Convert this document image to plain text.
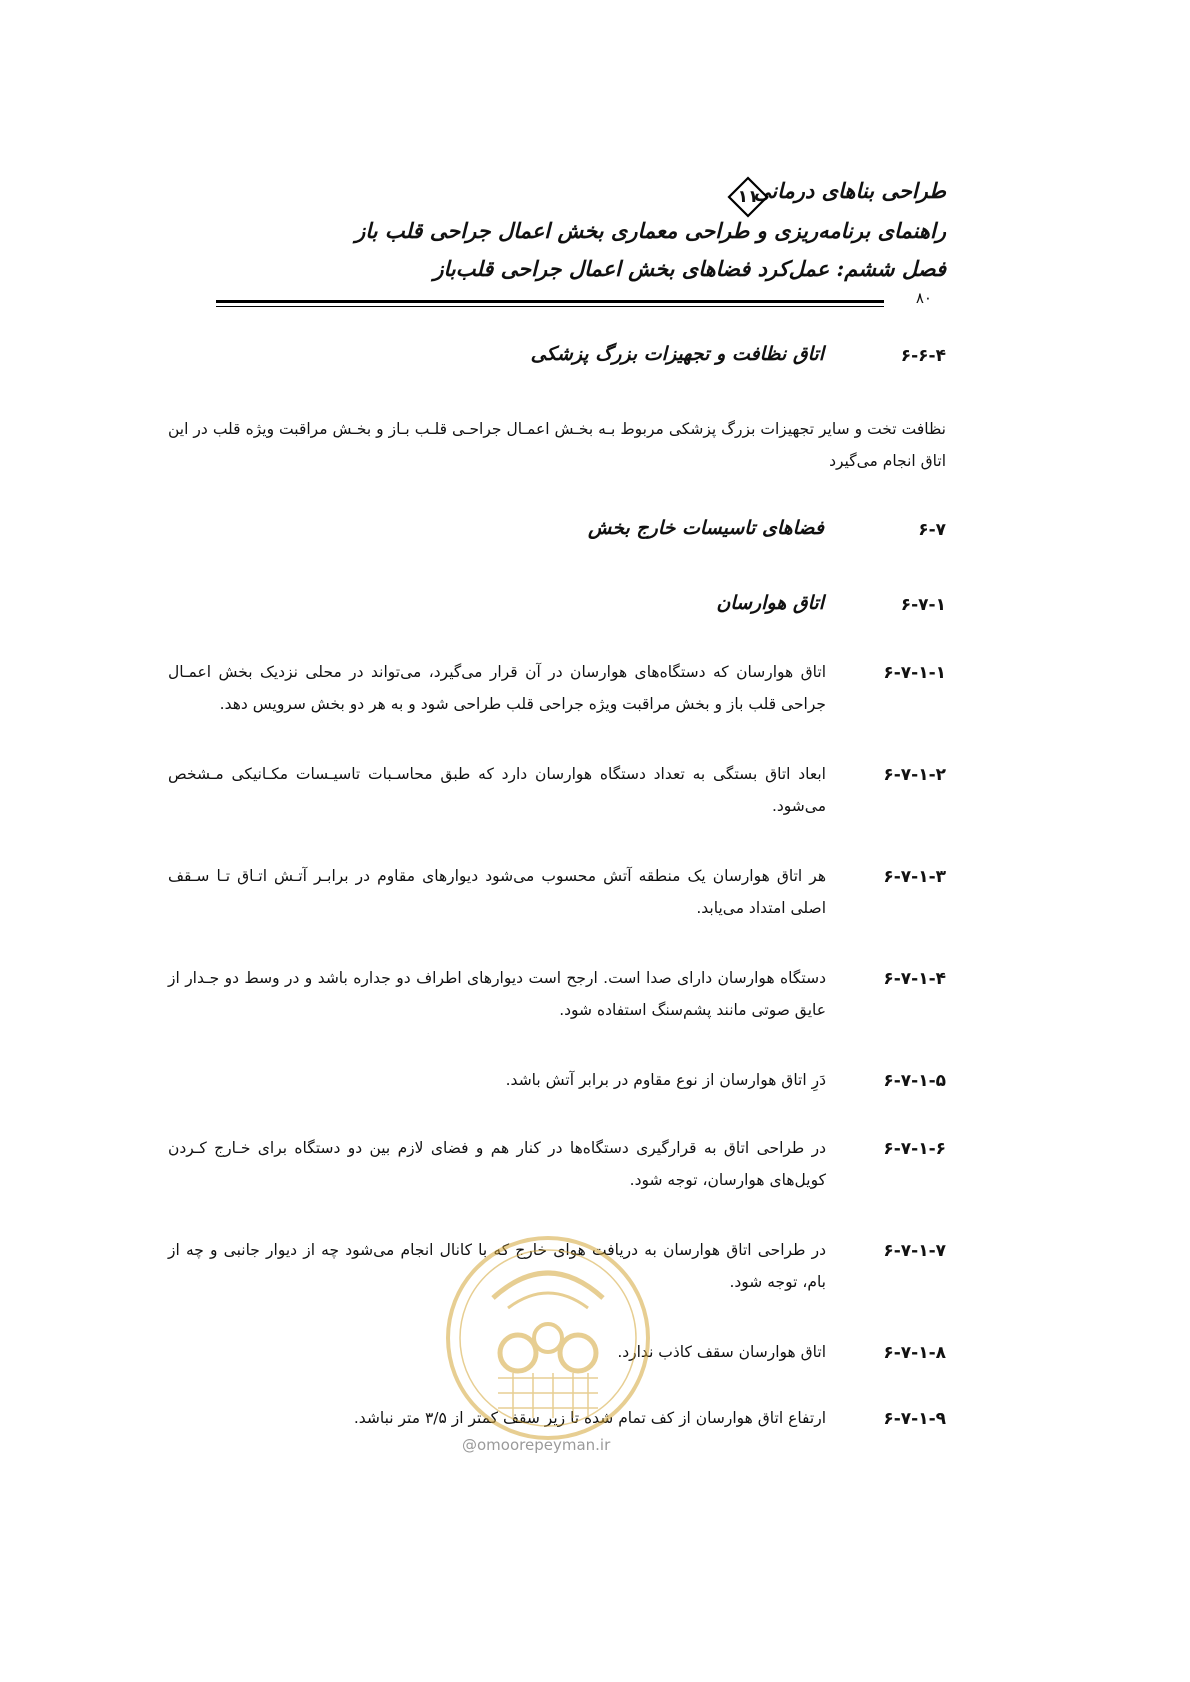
طراحی بناهای درمانی
۱۱
راهنمای برنامه‌ریزی و طراحی معماری بخش اعمال جراحی قلب باز
فصل ششم: عمل‌کرد فضاهای بخش اعمال جراحی قلب‌باز
۸۰
۶-۶-۴
اتاق نظافت و تجهیزات بزرگ پزشکی
نظافت تخت و سایر تجهیزات بزرگ پزشکی مربوط بـه بخـش اعمـال جراحـی قلـب بـاز و بخـش مراقبت ویژه قلب در این اتاق انجام می‌گیرد
۶-۷
فضاهای تاسیسات خارج بخش
۶-۷-۱
اتاق هوارسان
۶-۷-۱-۱
اتاق هوارسان که دستگاه‌های هوارسان در آن قرار می‌گیرد، می‌تواند در محلی نزدیک بخش اعمـال جراحی قلب باز و بخش مراقبت ویژه جراحی قلب طراحی شود و به هر دو بخش سرویس دهد.
۶-۷-۱-۲
ابعاد اتاق بستگی به تعداد دستگاه هوارسان دارد که طبق محاسـبات تاسیـسات مکـانیکی مـشخص می‌شود.
۶-۷-۱-۳
هر اتاق هوارسان یک منطقه آتش محسوب می‌شود دیوارهای مقاوم در برابـر آتـش اتـاق تـا سـقف اصلی امتداد می‌یابد.
۶-۷-۱-۴
دستگاه هوارسان دارای صدا است. ارجح است دیوارهای اطراف دو جداره باشد و در وسط دو جـدار از عایق صوتی مانند پشم‌سنگ استفاده شود.
۶-۷-۱-۵
دَرِ اتاق هوارسان از نوع مقاوم در برابر آتش باشد.
۶-۷-۱-۶
در طراحی اتاق به قرارگیری دستگاه‌ها در کنار هم و فضای لازم بین دو دستگاه برای خـارج کـردن کویل‌های هوارسان، توجه شود.
۶-۷-۱-۷
در طراحی اتاق هوارسان به دریافت هوای خارج که با کانال انجام می‌شود چه از دیوار جانبی و چه از بام، توجه شود.
۶-۷-۱-۸
اتاق هوارسان سقف کاذب ندارد.
۶-۷-۱-۹
ارتفاع اتاق هوارسان از کف تمام شده تا زیر سقف کمتر از ۳/۵ متر نباشد.
@omoorepeyman.ir
